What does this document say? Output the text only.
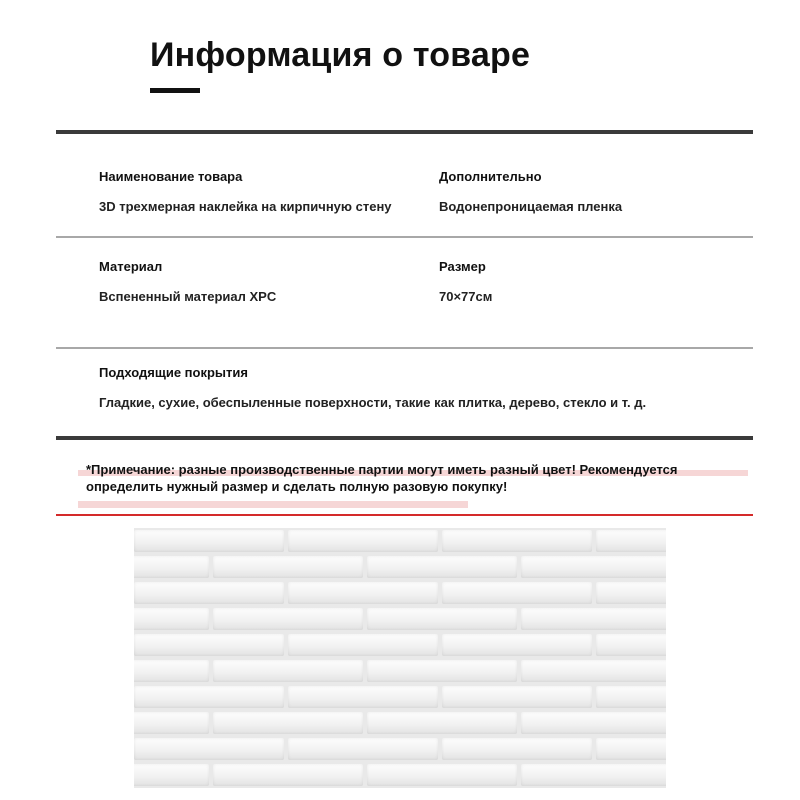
Информация о товаре
Наименование товара
3D трехмерная наклейка на кирпичную стену
Дополнительно
Водонепроницаемая пленка
Материал
Вспененный материал XPC
Размер
70×77см
Подходящие покрытия
Гладкие, сухие, обеспыленные поверхности, такие как плитка, дерево, стекло и т. д.
*Примечание: разные производственные партии могут иметь разный цвет! Рекомендуется определить нужный размер и сделать полную разовую покупку!
